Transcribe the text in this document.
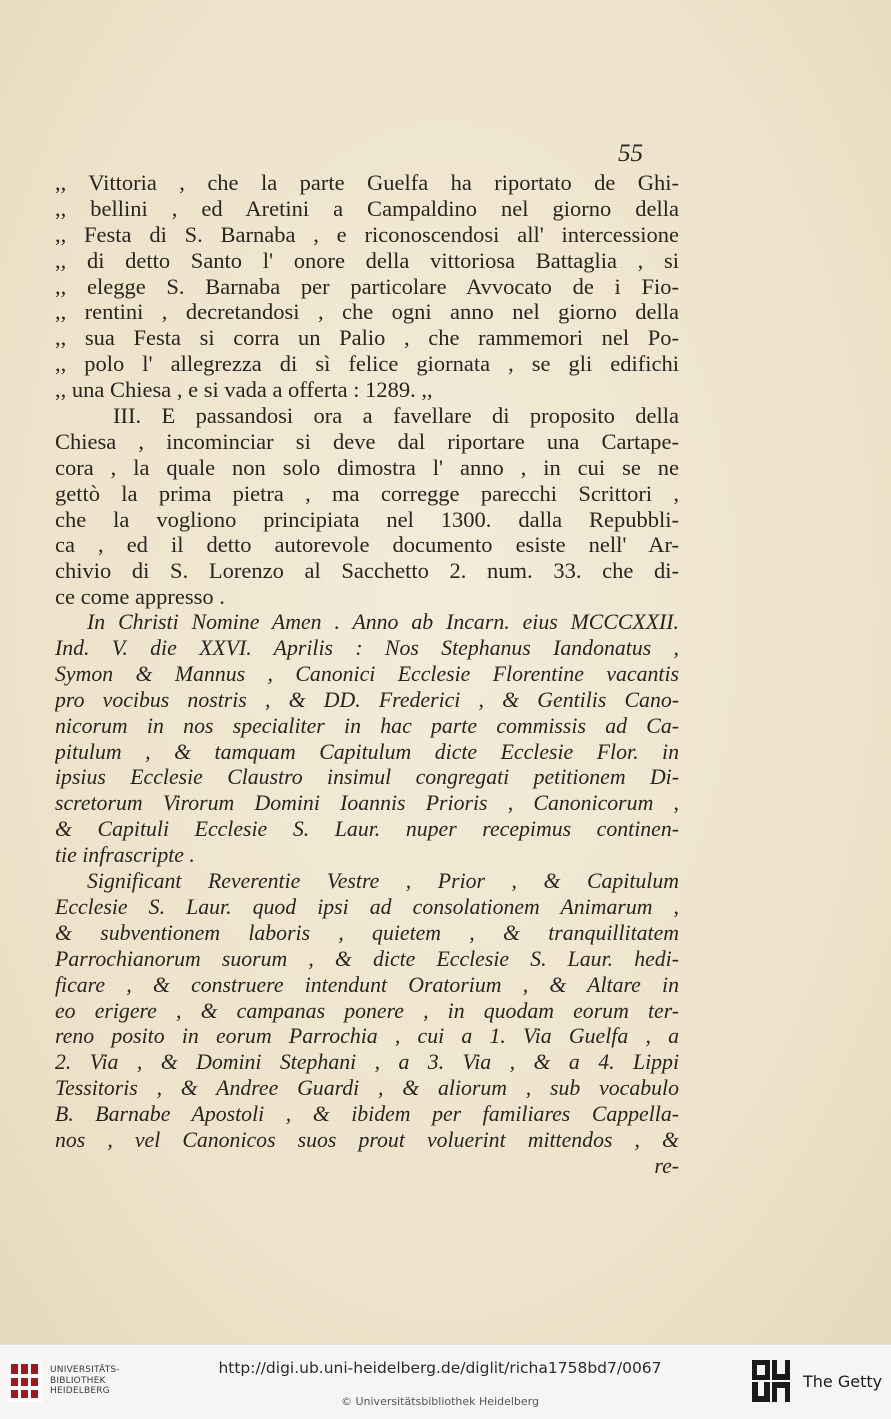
55
,, Vittoria , che la parte Guelfa ha riportato de Ghi-
,, bellini , ed Aretini a Campaldino nel giorno della
,, Festa di S. Barnaba , e riconoscendosi all' intercessione
,, di detto Santo l' onore della vittoriosa Battaglia , si
,, elegge S. Barnaba per particolare Avvocato de i Fio-
,, rentini , decretandosi , che ogni anno nel giorno della
,, sua Festa si corra un Palio , che rammemori nel Po-
,, polo l' allegrezza di sì felice giornata , se gli edifichi
,, una Chiesa , e si vada a offerta : 1289. ,,
III. E passandosi ora a favellare di proposito della
Chiesa , incominciar si deve dal riportare una Cartape-
cora , la quale non solo dimostra l' anno , in cui se ne
gettò la prima pietra , ma corregge parecchi Scrittori ,
che la vogliono principiata nel 1300. dalla Repubbli-
ca , ed il detto autorevole documento esiste nell' Ar-
chivio di S. Lorenzo al Sacchetto 2. num. 33. che di-
ce come appresso .
In Christi Nomine Amen . Anno ab Incarn. eius MCCCXXII.
Ind. V. die XXVI. Aprilis : Nos Stephanus Iandonatus ,
Symon & Mannus , Canonici Ecclesie Florentine vacantis
pro vocibus nostris , & DD. Frederici , & Gentilis Cano-
nicorum in nos specialiter in hac parte commissis ad Ca-
pitulum , & tamquam Capitulum dicte Ecclesie Flor. in
ipsius Ecclesie Claustro insimul congregati petitionem Di-
scretorum Virorum Domini Ioannis Prioris , Canonicorum ,
& Capituli Ecclesie S. Laur. nuper recepimus continen-
tie infrascripte .
Significant Reverentie Vestre , Prior , & Capitulum
Ecclesie S. Laur. quod ipsi ad consolationem Animarum ,
& subventionem laboris , quietem , & tranquillitatem
Parrochianorum suorum , & dicte Ecclesie S. Laur. hedi-
ficare , & construere intendunt Oratorium , & Altare in
eo erigere , & campanas ponere , in quodam eorum ter-
reno posito in eorum Parrochia , cui a 1. Via Guelfa , a
2. Via , & Domini Stephani , a 3. Via , & a 4. Lippi
Tessitoris , & Andree Guardi , & aliorum , sub vocabulo
B. Barnabe Apostoli , & ibidem per familiares Cappella-
nos , vel Canonicos suos prout voluerint mittendos , &
re-
UNIVERSITÄTS-
BIBLIOTHEK
HEIDELBERG
http://digi.ub.uni-heidelberg.de/diglit/richa1758bd7/0067
© Universitätsbibliothek Heidelberg
The Getty
